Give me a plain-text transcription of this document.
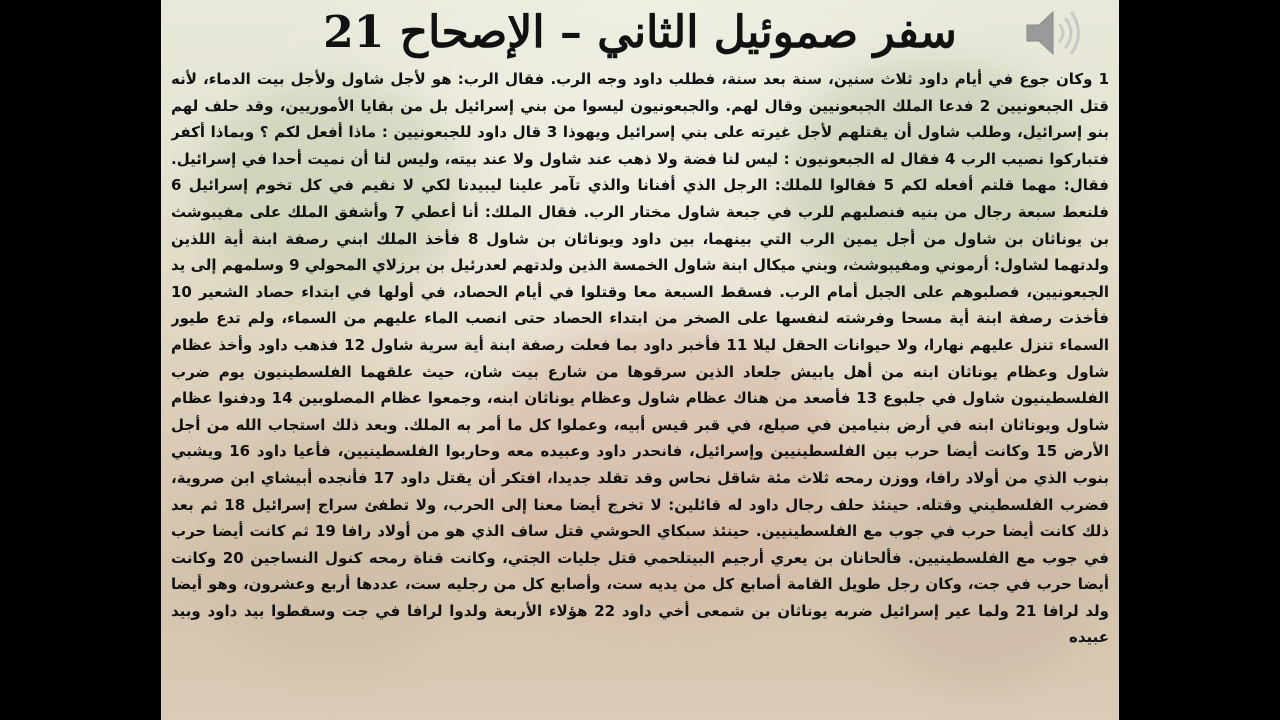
سفر صموئيل الثاني – الإصحاح 21

1 وكان جوع في أيام داود ثلاث سنين، سنة بعد سنة، فطلب داود وجه الرب. فقال الرب: هو لأجل شاول ولأجل بيت الدماء، لأنه قتل الجبعونيين 2 فدعا الملك الجبعونيين وقال لهم. والجبعونيون ليسوا من بني إسرائيل بل من بقايا الأموريين، وقد حلف لهم بنو إسرائيل، وطلب شاول أن يقتلهم لأجل غيرته على بني إسرائيل ويهوذا 3 قال داود للجبعونيين : ماذا أفعل لكم ؟ وبماذا أكفر فتباركوا نصيب الرب 4 فقال له الجبعونيون : ليس لنا فضة ولا ذهب عند شاول ولا عند بيته، وليس لنا أن نميت أحدا في إسرائيل. فقال: مهما قلتم أفعله لكم 5 فقالوا للملك: الرجل الذي أفنانا والذي تآمر علينا ليبيدنا لكي لا نقيم في كل تخوم إسرائيل 6 فلنعط سبعة رجال من بنيه فنصلبهم للرب في جبعة شاول مختار الرب. فقال الملك: أنا أعطي 7 وأشفق الملك على مفيبوشث بن يوناثان بن شاول من أجل يمين الرب التي بينهما، بين داود ويوناثان بن شاول 8 فأخذ الملك ابني رصفة ابنة أية اللذين ولدتهما لشاول: أرموني ومفيبوشث، وبني ميكال ابنة شاول الخمسة الذين ولدتهم لعدرئيل بن برزلاي المحولي 9 وسلمهم إلى يد الجبعونيين، فصلبوهم على الجبل أمام الرب. فسقط السبعة معا وقتلوا في أيام الحصاد، في أولها في ابتداء حصاد الشعير 10 فأخذت رصفة ابنة أية مسحا وفرشته لنفسها على الصخر من ابتداء الحصاد حتى انصب الماء عليهم من السماء، ولم تدع طيور السماء تنزل عليهم نهارا، ولا حيوانات الحقل ليلا 11 فأخبر داود بما فعلت رصفة ابنة أية سرية شاول 12 فذهب داود وأخذ عظام شاول وعظام يوناثان ابنه من أهل يابيش جلعاد الذين سرقوها من شارع بيت شان، حيث علقهما الفلسطينيون يوم ضرب الفلسطينيون شاول في جلبوع 13 فأصعد من هناك عظام شاول وعظام يوناثان ابنه، وجمعوا عظام المصلوبين 14 ودفنوا عظام شاول ويوناثان ابنه في أرض بنيامين في صيلع، في قبر قيس أبيه، وعملوا كل ما أمر به الملك. وبعد ذلك استجاب الله من أجل الأرض 15 وكانت أيضا حرب بين الفلسطينيين وإسرائيل، فانحدر داود وعبيده معه وحاربوا الفلسطينيين، فأعيا داود 16 ويشبي بنوب الذي من أولاد رافا، ووزن رمحه ثلاث مئة شاقل نحاس وقد تقلد جديدا، افتكر أن يقتل داود 17 فأنجده أبيشاي ابن صروية، فضرب الفلسطيني وقتله. حينئذ حلف رجال داود له قائلين: لا تخرج أيضا معنا إلى الحرب، ولا تطفئ سراج إسرائيل 18 ثم بعد ذلك كانت أيضا حرب في جوب مع الفلسطينيين. حينئذ سبكاي الحوشي قتل ساف الذي هو من أولاد رافا 19 ثم كانت أيضا حرب في جوب مع الفلسطينيين. فألحانان بن يعري أرجيم البيتلحمي قتل جليات الجتي، وكانت قناة رمحه كنول النساجين 20 وكانت أيضا حرب في جت، وكان رجل طويل القامة أصابع كل من يديه ست، وأصابع كل من رجليه ست، عددها أربع وعشرون، وهو أيضا ولد لرافا 21 ولما عير إسرائيل ضربه يوناثان بن شمعى أخي داود 22 هؤلاء الأربعة ولدوا لرافا في جت وسقطوا بيد داود وبيد عبيده
